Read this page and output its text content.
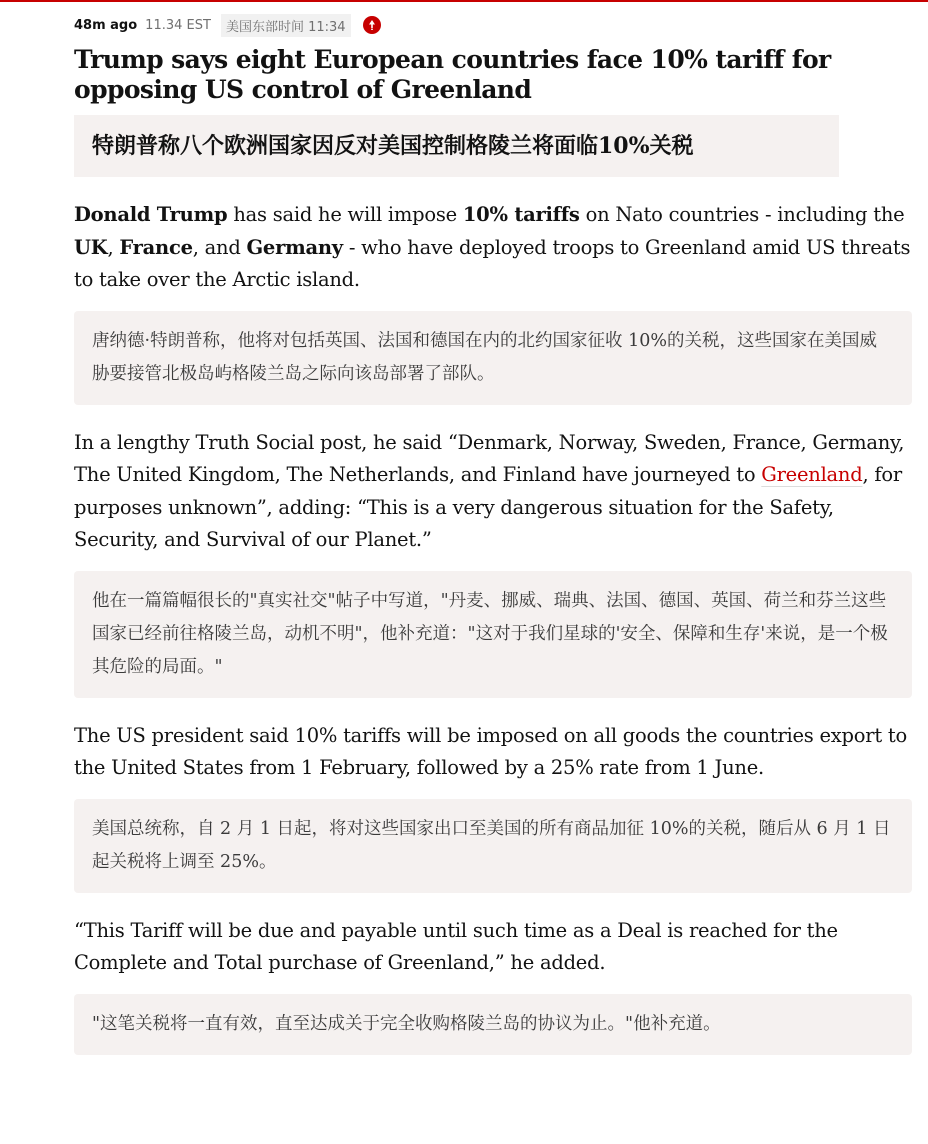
48m ago 11.34 EST	美国东部时间 11:34
Trump says eight European countries face 10% tariff for opposing US control of Greenland
特朗普称八个欧洲国家因反对美国控制格陵兰将面临10%关税

Donald Trump has said he will impose 10% tariffs on Nato countries - including the UK, France, and Germany - who have deployed troops to Greenland amid US threats to take over the Arctic island.

唐纳德·特朗普称，他将对包括英国、法国和德国在内的北约国家征收 10%的关税，这些国家在美国威胁要接管北极岛屿格陵兰岛之际向该岛部署了部队。

In a lengthy Truth Social post, he said “Denmark, Norway, Sweden, France, Germany, The United Kingdom, The Netherlands, and Finland have journeyed to Greenland, for purposes unknown”, adding: “This is a very dangerous situation for the Safety, Security, and Survival of our Planet.”

他在一篇篇幅很长的"真实社交"帖子中写道，"丹麦、挪威、瑞典、法国、德国、英国、荷兰和芬兰这些国家已经前往格陵兰岛，动机不明"，他补充道："这对于我们星球的'安全、保障和生存'来说，是一个极其危险的局面。"

The US president said 10% tariffs will be imposed on all goods the countries export to the United States from 1 February, followed by a 25% rate from 1 June.

美国总统称，自 2 月 1 日起，将对这些国家出口至美国的所有商品加征 10%的关税，随后从 6 月 1 日起关税将上调至 25%。

“This Tariff will be due and payable until such time as a Deal is reached for the Complete and Total purchase of Greenland,” he added.

"这笔关税将一直有效，直至达成关于完全收购格陵兰岛的协议为止。"他补充道。
